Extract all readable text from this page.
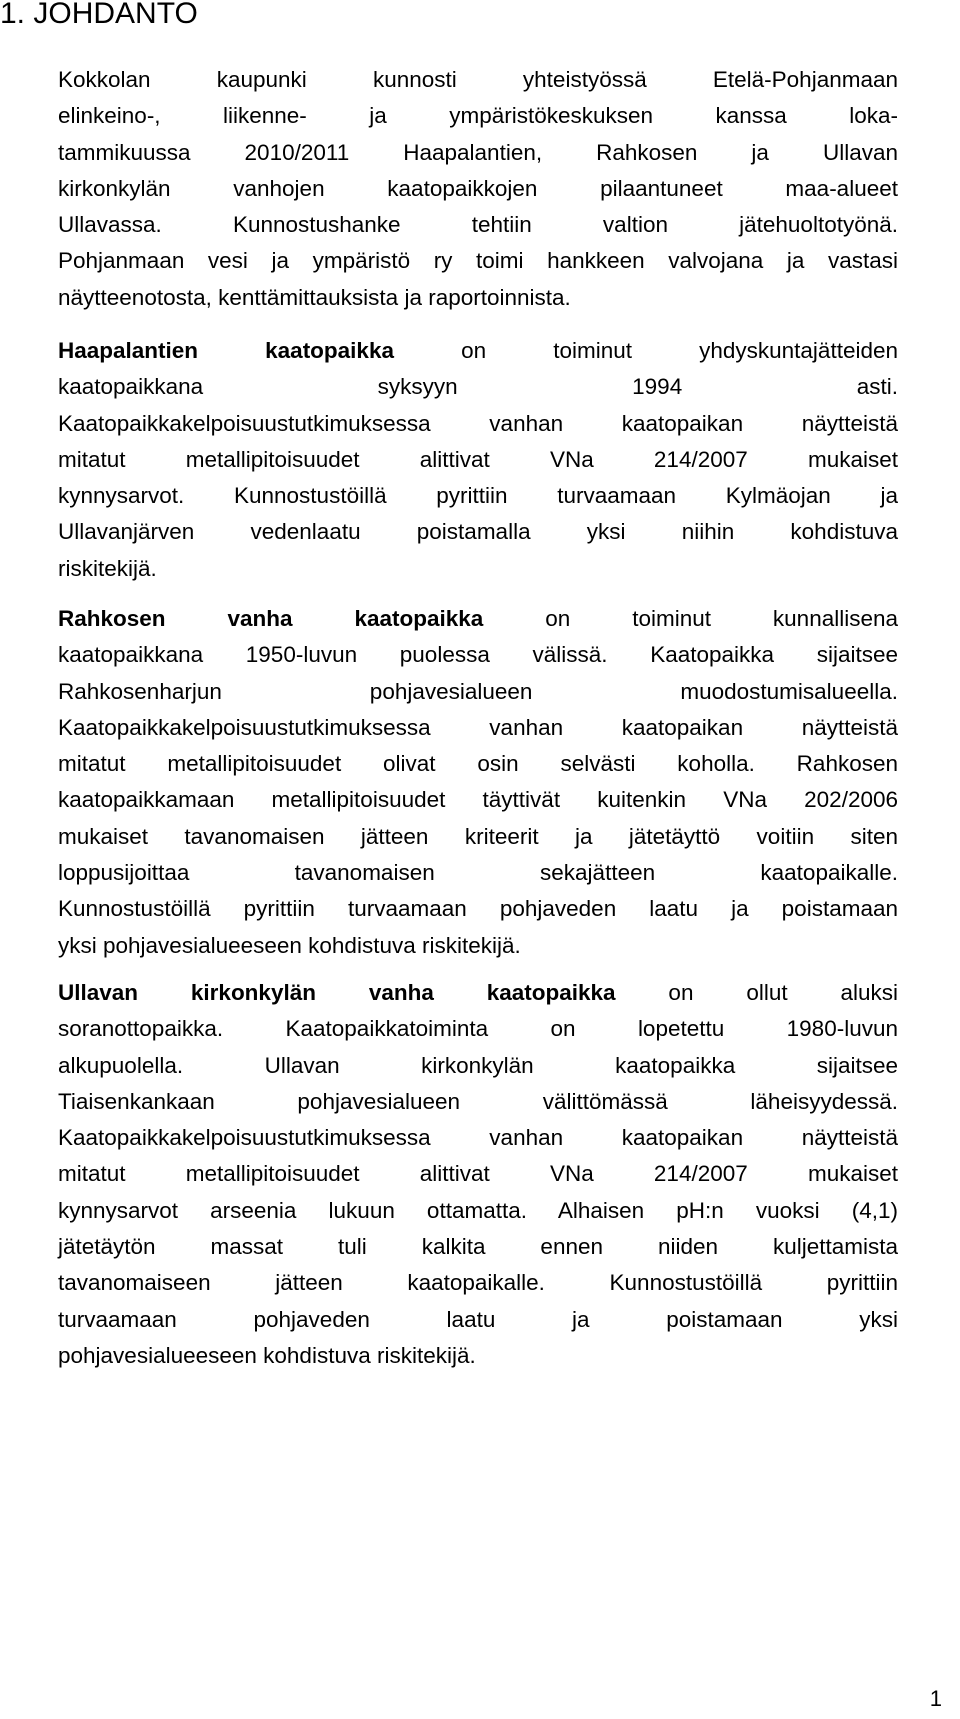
1. JOHDANTO
Kokkolan kaupunki kunnosti yhteistyössä Etelä-Pohjanmaan
elinkeino-, liikenne- ja ympäristökeskuksen kanssa loka-
tammikuussa 2010/2011 Haapalantien, Rahkosen ja Ullavan
kirkonkylän vanhojen kaatopaikkojen pilaantuneet maa-alueet
Ullavassa. Kunnostushanke tehtiin valtion jätehuoltotyönä.
Pohjanmaan vesi ja ympäristö ry toimi hankkeen valvojana ja vastasi
näytteenotosta, kenttämittauksista ja raportoinnista.
Haapalantien kaatopaikka on toiminut yhdyskuntajätteiden
kaatopaikkana syksyyn 1994 asti.
Kaatopaikkakelpoisuustutkimuksessa vanhan kaatopaikan näytteistä
mitatut metallipitoisuudet alittivat VNa 214/2007 mukaiset
kynnysarvot. Kunnostustöillä pyrittiin turvaamaan Kylmäojan ja
Ullavanjärven vedenlaatu poistamalla yksi niihin kohdistuva
riskitekijä.
Rahkosen vanha kaatopaikka on toiminut kunnallisena
kaatopaikkana 1950-luvun puolessa välissä. Kaatopaikka sijaitsee
Rahkosenharjun pohjavesialueen muodostumisalueella.
Kaatopaikkakelpoisuustutkimuksessa vanhan kaatopaikan näytteistä
mitatut metallipitoisuudet olivat osin selvästi koholla. Rahkosen
kaatopaikkamaan metallipitoisuudet täyttivät kuitenkin VNa 202/2006
mukaiset tavanomaisen jätteen kriteerit ja jätetäyttö voitiin siten
loppusijoittaa tavanomaisen sekajätteen kaatopaikalle.
Kunnostustöillä pyrittiin turvaamaan pohjaveden laatu ja poistamaan
yksi pohjavesialueeseen kohdistuva riskitekijä.
Ullavan kirkonkylän vanha kaatopaikka on ollut aluksi
soranottopaikka. Kaatopaikkatoiminta on lopetettu 1980-luvun
alkupuolella. Ullavan kirkonkylän kaatopaikka sijaitsee
Tiaisenkankaan pohjavesialueen välittömässä läheisyydessä.
Kaatopaikkakelpoisuustutkimuksessa vanhan kaatopaikan näytteistä
mitatut metallipitoisuudet alittivat VNa 214/2007 mukaiset
kynnysarvot arseenia lukuun ottamatta. Alhaisen pH:n vuoksi (4,1)
jätetäytön massat tuli kalkita ennen niiden kuljettamista
tavanomaiseen jätteen kaatopaikalle. Kunnostustöillä pyrittiin
turvaamaan pohjaveden laatu ja poistamaan yksi
pohjavesialueeseen kohdistuva riskitekijä.
1
